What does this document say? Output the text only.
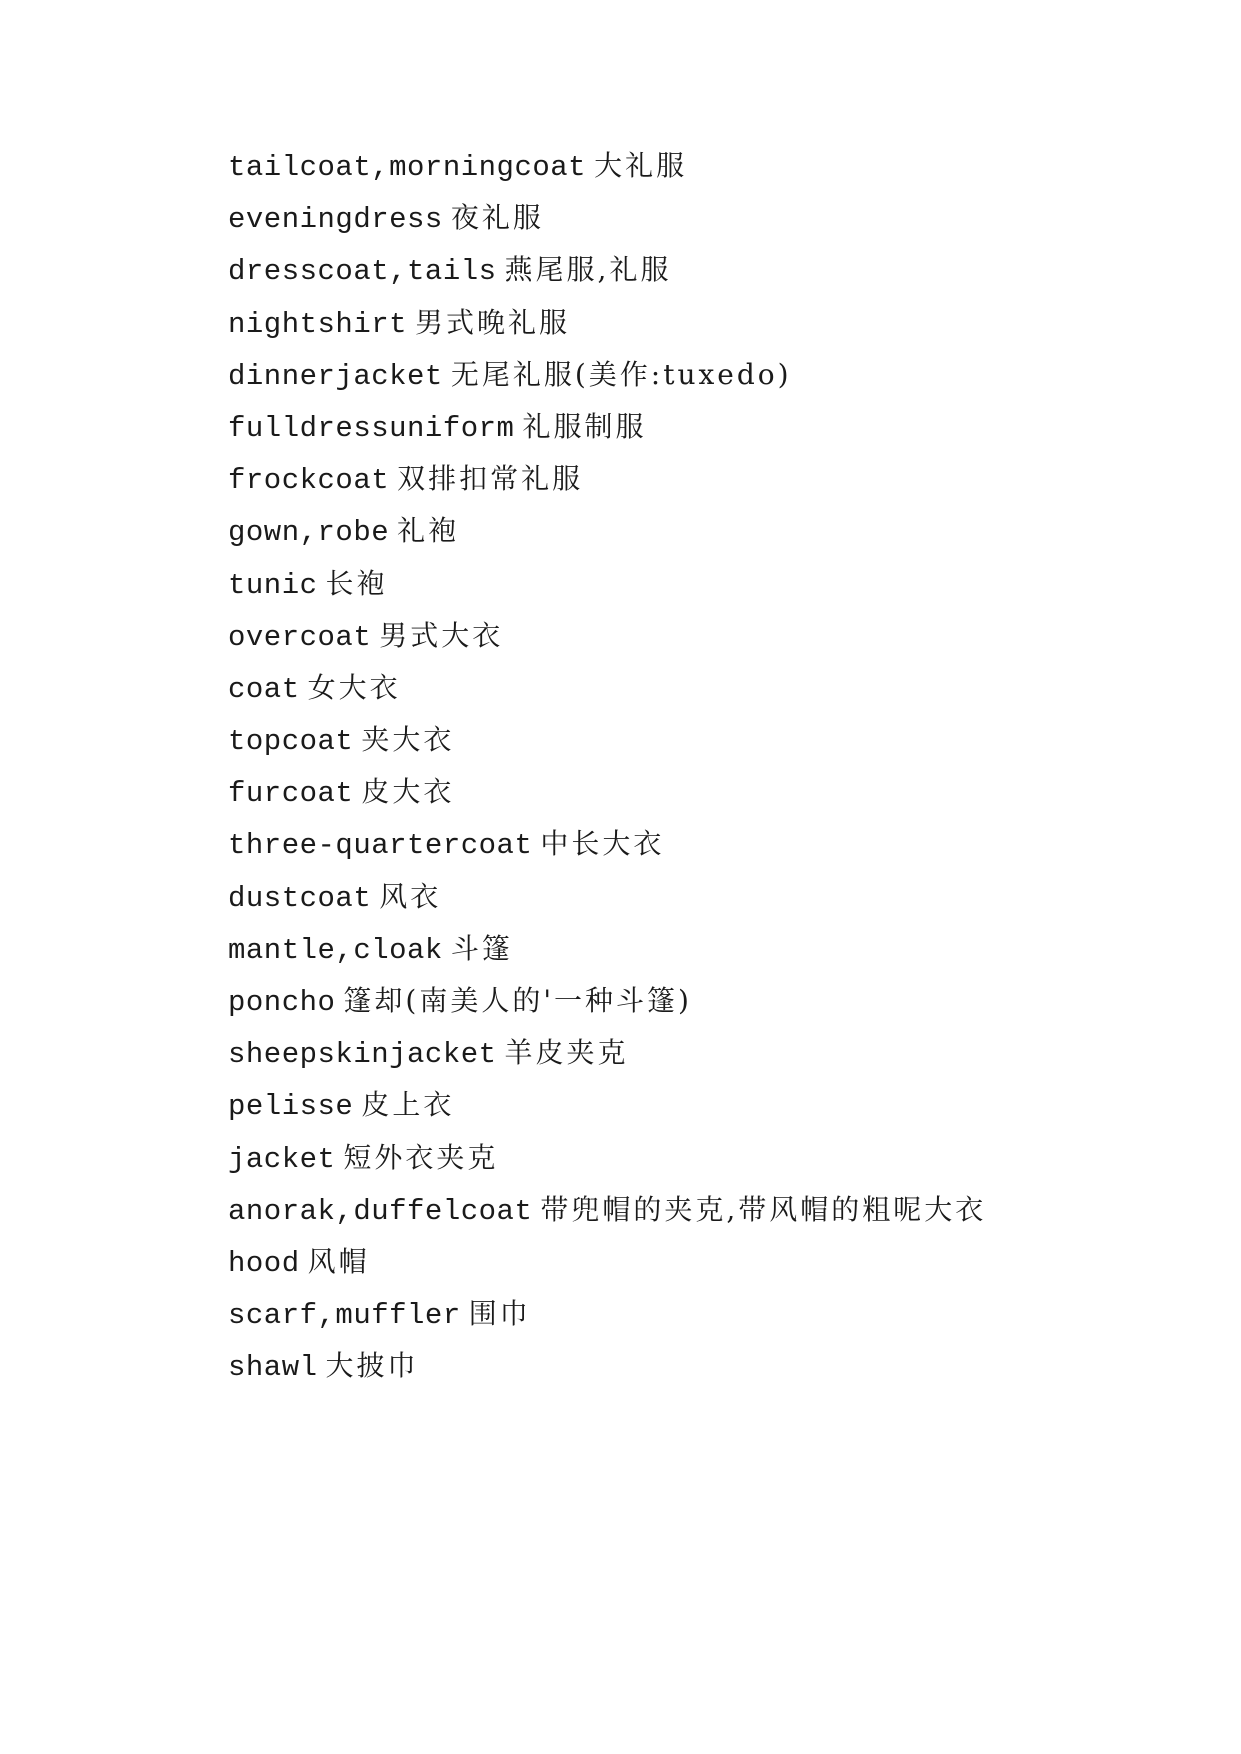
tailcoat,morningcoat 大礼服
eveningdress 夜礼服
dresscoat,tails 燕尾服,礼服
nightshirt 男式晚礼服
dinnerjacket 无尾礼服(美作:tuxedo)
fulldressuniform 礼服制服
frockcoat 双排扣常礼服
gown,robe 礼袍
tunic 长袍
overcoat 男式大衣
coat 女大衣
topcoat 夹大衣
furcoat 皮大衣
three-quartercoat 中长大衣
dustcoat 风衣
mantle,cloak 斗篷
poncho 篷却(南美人的'一种斗篷)
sheepskinjacket 羊皮夹克
pelisse 皮上衣
jacket 短外衣夹克
anorak,duffelcoat 带兜帽的夹克,带风帽的粗呢大衣
hood 风帽
scarf,muffler 围巾
shawl 大披巾
